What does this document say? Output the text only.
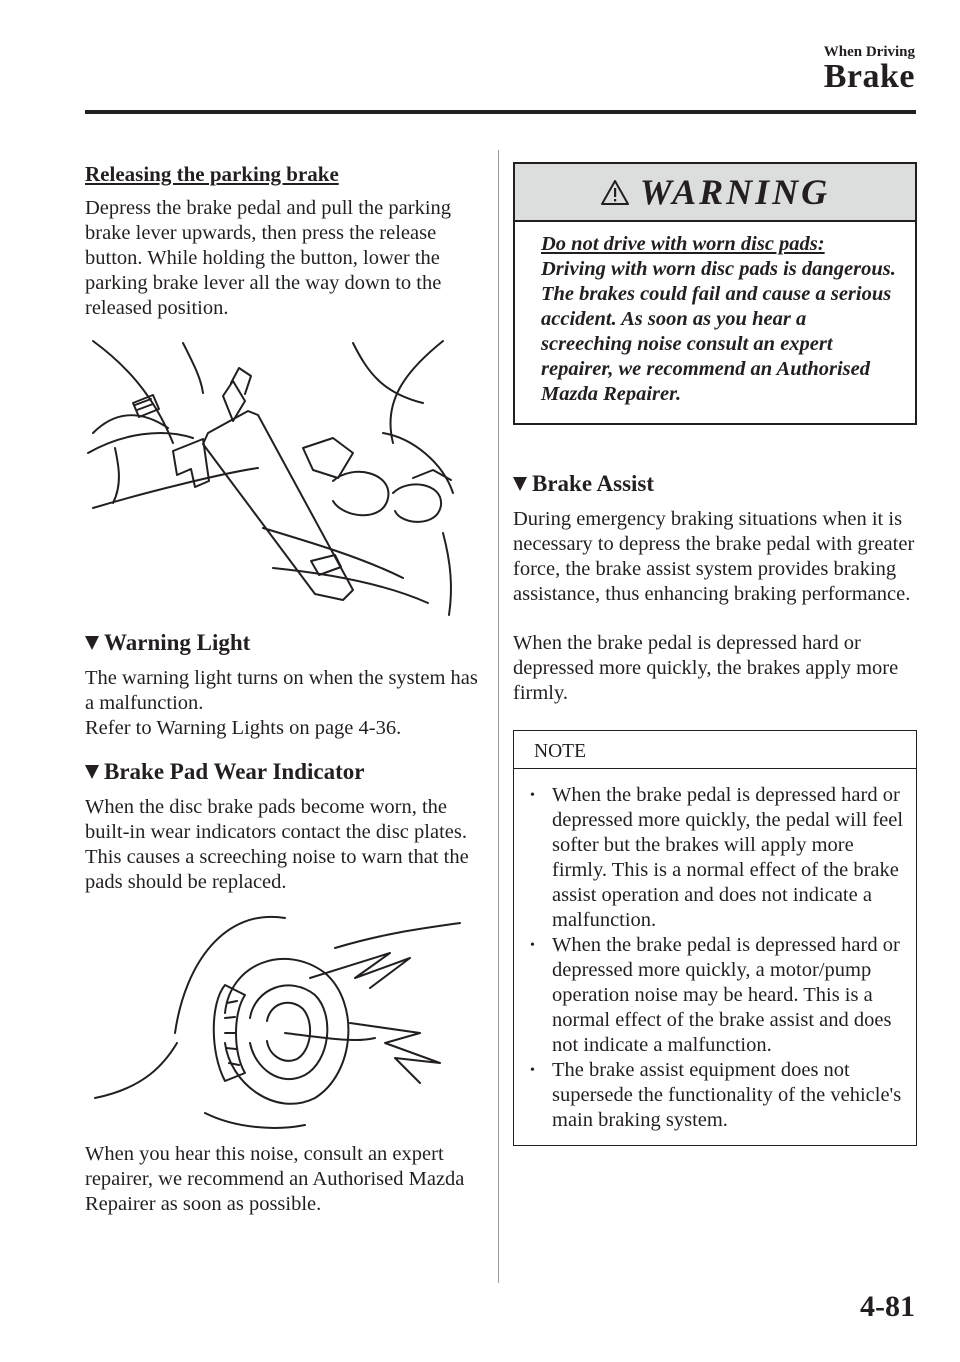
When Driving
Brake
Releasing the parking brake

Depress the brake pedal and pull the parking brake lever upwards, then press the release button. While holding the button, lower the parking brake lever all the way down to the released position.

Warning Light

The warning light turns on when the system has a malfunction.

Refer to Warning Lights on page 4-36.

Brake Pad Wear Indicator

When the disc brake pads become worn, the built-in wear indicators contact the disc plates. This causes a screeching noise to warn that the pads should be replaced.

When you hear this noise, consult an expert repairer, we recommend an Authorised Mazda Repairer as soon as possible.

WARNING
Do not drive with worn disc pads:
Driving with worn disc pads is dangerous. The brakes could fail and cause a serious accident. As soon as you hear a screeching noise consult an expert repairer, we recommend an Authorised Mazda Repairer.
Brake Assist

During emergency braking situations when it is necessary to depress the brake pedal with greater force, the brake assist system provides braking assistance, thus enhancing braking performance.

When the brake pedal is depressed hard or depressed more quickly, the brakes apply more firmly.

NOTE
• When the brake pedal is depressed hard or depressed more quickly, the pedal will feel softer but the brakes will apply more firmly. This is a normal effect of the brake assist operation and does not indicate a malfunction.
• When the brake pedal is depressed hard or depressed more quickly, a motor/pump operation noise may be heard. This is a normal effect of the brake assist and does not indicate a malfunction.
• The brake assist equipment does not supersede the functionality of the vehicle's main braking system.
4-81
